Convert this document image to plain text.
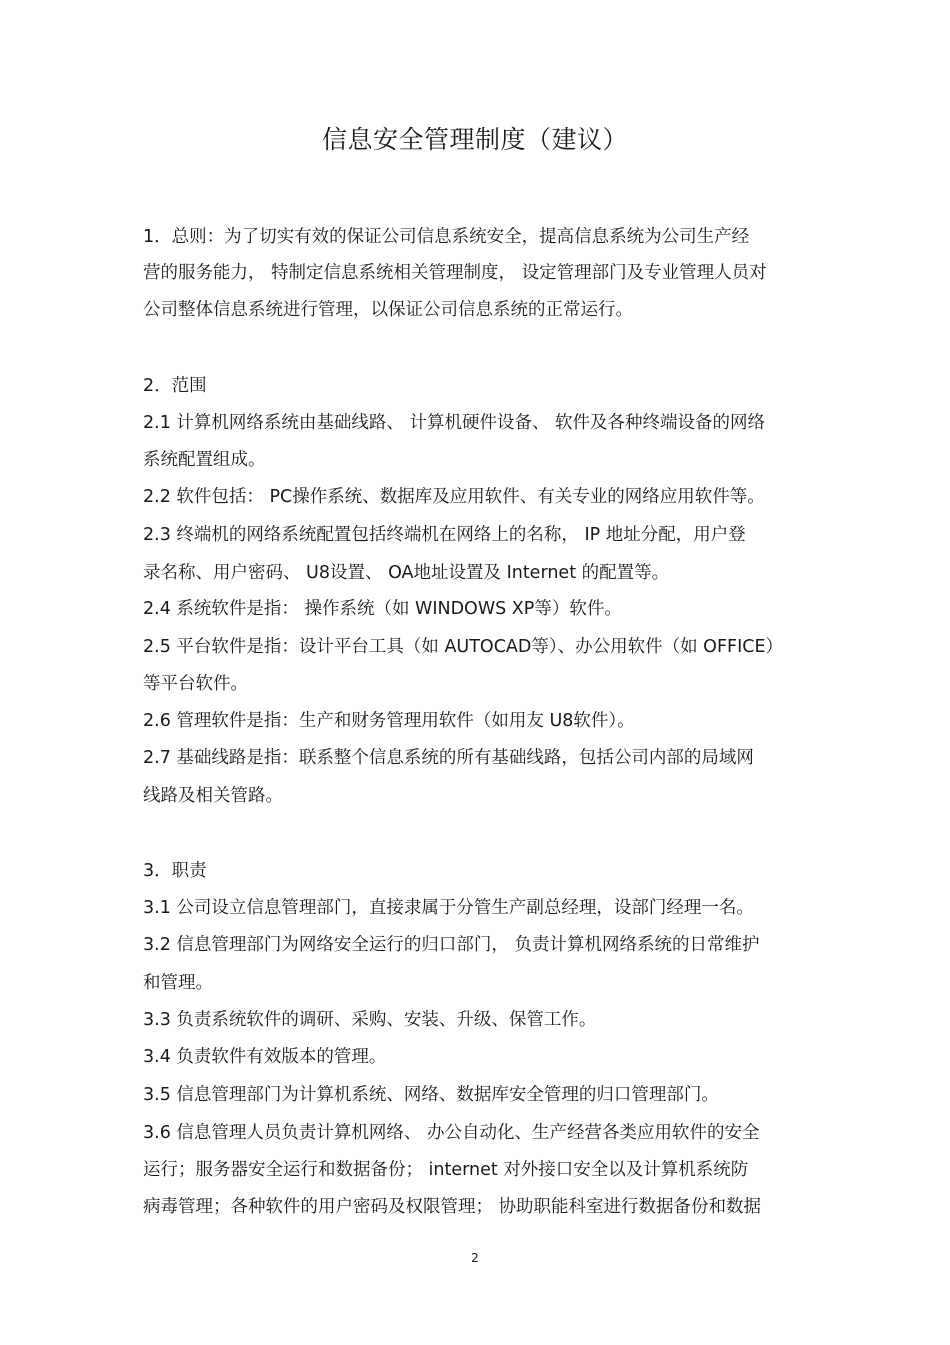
信息安全管理制度（建议）
1．总则：为了切实有效的保证公司信息系统安全，提高信息系统为公司生产经
营的服务能力， 特制定信息系统相关管理制度， 设定管理部门及专业管理人员对
公司整体信息系统进行管理，以保证公司信息系统的正常运行。
2．范围
2.1 计算机网络系统由基础线路、 计算机硬件设备、 软件及各种终端设备的网络
系统配置组成。
2.2 软件包括： PC操作系统、数据库及应用软件、有关专业的网络应用软件等。
2.3 终端机的网络系统配置包括终端机在网络上的名称， IP 地址分配，用户登
录名称、用户密码、 U8设置、 OA地址设置及 Internet 的配置等。
2.4 系统软件是指： 操作系统（如 WINDOWS XP等）软件。
2.5 平台软件是指：设计平台工具（如 AUTOCAD等）、办公用软件（如 OFFICE）
等平台软件。
2.6 管理软件是指：生产和财务管理用软件（如用友 U8软件）。
2.7 基础线路是指：联系整个信息系统的所有基础线路，包括公司内部的局域网
线路及相关管路。
3．职责
3.1 公司设立信息管理部门，直接隶属于分管生产副总经理，设部门经理一名。
3.2 信息管理部门为网络安全运行的归口部门， 负责计算机网络系统的日常维护
和管理。
3.3 负责系统软件的调研、采购、安装、升级、保管工作。
3.4 负责软件有效版本的管理。
3.5 信息管理部门为计算机系统、网络、数据库安全管理的归口管理部门。
3.6 信息管理人员负责计算机网络、 办公自动化、生产经营各类应用软件的安全
运行；服务器安全运行和数据备份； internet 对外接口安全以及计算机系统防
病毒管理；各种软件的用户密码及权限管理； 协助职能科室进行数据备份和数据
2
